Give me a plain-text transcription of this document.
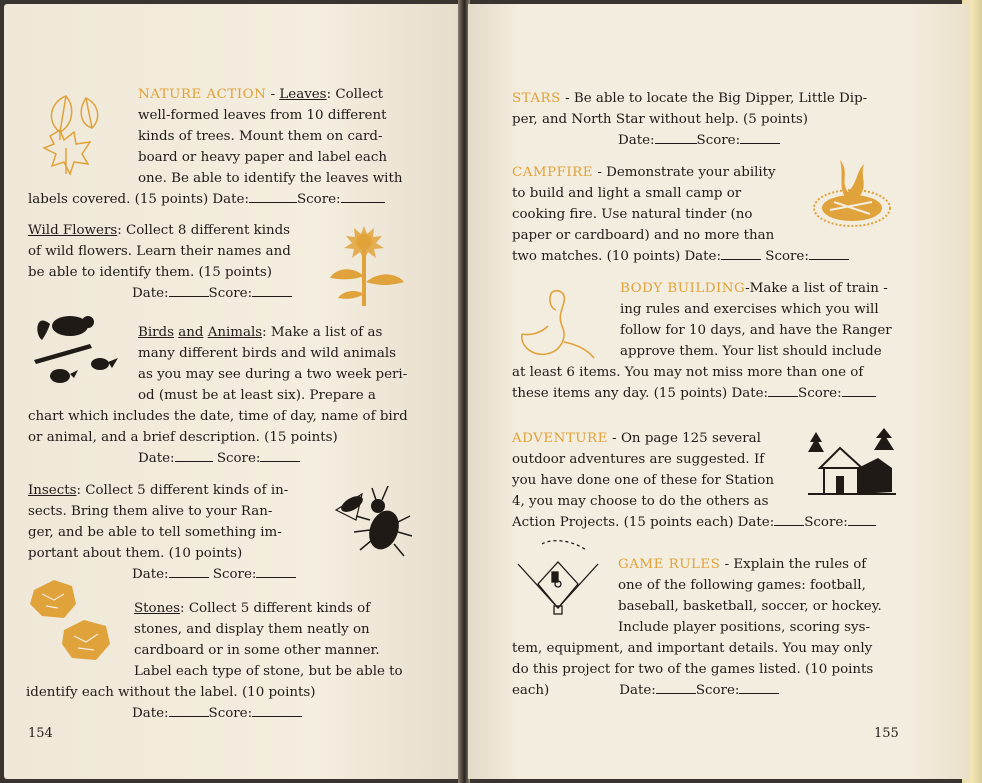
NATURE ACTION - Leaves: Collect
well-formed leaves from 10 different
kinds of trees. Mount them on card-
board or heavy paper and label each
one. Be able to identify the leaves with
labels covered. (15 points) Date:	Score:
Wild Flowers: Collect 8 different kinds
of wild flowers. Learn their names and
be able to identify them. (15 points)
Date:	Score:
Birds and Animals: Make a list of as
many different birds and wild animals
as you may see during a two week peri-
od (must be at least six). Prepare a
chart which includes the date, time of day, name of bird
or animal, and a brief description. (15 points)
Date:	Score:
Insects: Collect 5 different kinds of in-
sects. Bring them alive to your Ran-
ger, and be able to tell something im-
portant about them. (10 points)
Date:	Score:
Stones: Collect 5 different kinds of
stones, and display them neatly on
cardboard or in some other manner.
Label each type of stone, but be able to
identify each without the label. (10 points)
Date:	Score:
154
STARS - Be able to locate the Big Dipper, Little Dip-
per, and North Star without help. (5 points)
Date:	Score:
CAMPFIRE - Demonstrate your ability
to build and light a small camp or
cooking fire. Use natural tinder (no
paper or cardboard) and no more than
two matches. (10 points) Date:	Score:
BODY BUILDING-Make a list of train -
ing rules and exercises which you will
follow for 10 days, and have the Ranger
approve them. Your list should include
at least 6 items. You may not miss more than one of
these items any day. (15 points) Date: Score:
ADVENTURE - On page 125 several
outdoor adventures are suggested. If
you have done one of these for Station
4, you may choose to do the others as
Action Projects. (15 points each) Date: Score:
GAME RULES - Explain the rules of
one of the following games: football,
baseball, basketball, soccer, or hockey.
Include player positions, scoring sys-
tem, equipment, and important details. You may only
do this project for two of the games listed. (10 points
each)	Date:	Score:
155
